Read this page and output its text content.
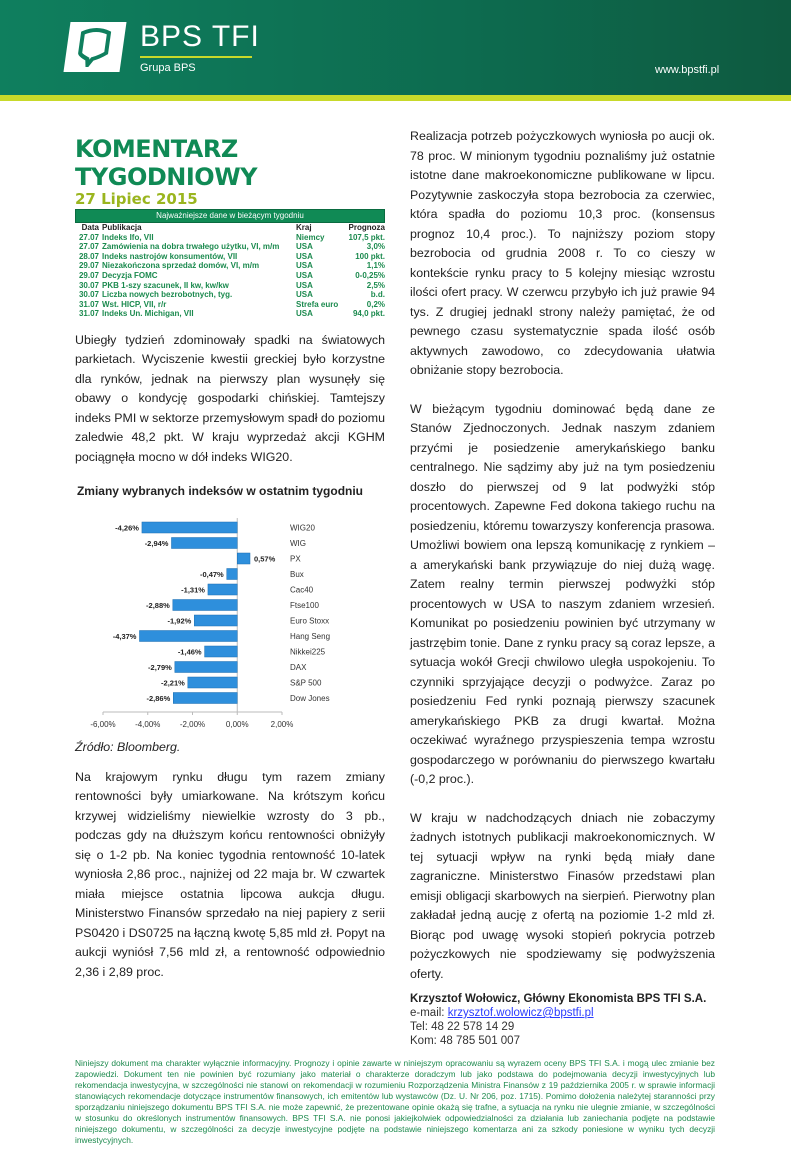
BPS TFI
Grupa BPS	www.bpstfi.pl
KOMENTARZ TYGODNIOWY
27 Lipiec 2015
Najważniejsze dane w bieżącym tygodniu
Data Publikacja	Kraj	Prognoza
27.07 Indeks Ifo, VII	Niemcy	107,5 pkt.
27.07 Zamówienia na dobra trwałego użytku, VI, m/m	USA	3,0%
28.07 Indeks nastrojów konsumentów, VII	USA	100 pkt.
29.07 Niezakończona sprzedaż domów, VI, m/m	USA	1,1%
29.07 Decyzja FOMC	USA	0-0,25%
30.07 PKB 1-szy szacunek, II kw, kw/kw	USA	2,5%
30.07 Liczba nowych bezrobotnych, tyg.	USA	b.d.
31.07 Wst. HICP, VII, r/r	Strefa euro	0,2%
31.07 Indeks Un. Michigan, VII	USA	94,0 pkt.
Ubiegły tydzień zdominowały spadki na światowych parkietach. Wyciszenie kwestii greckiej było korzystne dla rynków, jednak na pierwszy plan wysunęły się obawy o kondycję gospodarki chińskiej. Tamtejszy indeks PMI w sektorze przemysłowym spadł do poziomu zaledwie 48,2 pkt. W kraju wyprzedaż akcji KGHM pociągnęła mocno w dół indeks WIG20.
-6,00% -4,00% -2,00%	0,00%	2,00%
-4,26%	WIG20
-2,94%	WIG
0,57% PX
-0,47%	Bux
-1,31%	Cac40
-2,88%	Ftse100
-1,92%	Euro Stoxx
-4,37%	Hang Seng
-1,46%	Nikkei225
-2,79%	DAX
-2,21%	S&P 500
-2,86%	Dow Jones
Zmiany wybranych indeksów w ostatnim tygodniu
Źródło: Bloomberg.
Na krajowym rynku długu tym razem zmiany rentowności były umiarkowane. Na krótszym końcu krzywej widzieliśmy niewielkie wzrosty do 3 pb., podczas gdy na dłuższym końcu rentowności obniżyły się o 1-2 pb. Na koniec tygodnia rentowność 10-latek wyniosła 2,86 proc., najniżej od 22 maja br. W czwartek miała miejsce ostatnia lipcowa aukcja długu. Ministerstwo Finansów sprzedało na niej papiery z serii PS0420 i DS0725 na łączną kwotę 5,85 mld zł. Popyt na aukcji wyniósł 7,56 mld zł, a rentowność odpowiednio 2,36 i 2,89 proc.
Realizacja potrzeb pożyczkowych wyniosła po aucji ok. 78 proc. W minionym tygodniu poznaliśmy już ostatnie istotne dane makroekonomiczne publikowane w lipcu. Pozytywnie zaskoczyła stopa bezrobocia za czerwiec, która spadła do poziomu 10,3 proc. (konsensus prognoz 10,4 proc.). To najniższy poziom stopy bezrobocia od grudnia 2008 r. To co cieszy w kontekście rynku pracy to 5 kolejny miesiąc wzrostu ilości ofert pracy. W czerwcu przybyło ich już prawie 94 tys. Z drugiej jednakl strony należy pamiętać, że od pewnego czasu systematycznie spada ilość osób aktywnych zawodowo, co zdecydowania ułatwia obniżanie stopy bezrobocia.
W bieżącym tygodniu dominować będą dane ze Stanów Zjednoczonych. Jednak naszym zdaniem przyćmi je posiedzenie amerykańskiego banku centralnego. Nie sądzimy aby już na tym posiedzeniu doszło do pierwszej od 9 lat podwyżki stóp procentowych. Zapewne Fed dokona takiego ruchu na posiedzeniu, któremu towarzyszy konferencja prasowa. Umożliwi bowiem ona lepszą komunikację z rynkiem – a amerykański bank przywiązuje do niej dużą wagę. Zatem realny termin pierwszej podwyżki stóp procentowych w USA to naszym zdaniem wrzesień. Komunikat po posiedzeniu powinien być utrzymany w jastrzębim tonie. Dane z rynku pracy są coraz lepsze, a sytuacja wokół Grecji chwilowo uległa uspokojeniu. To czynniki sprzyjające decyzji o podwyżce. Zaraz po posiedzeniu Fed rynki poznają pierwszy szacunek amerykańskiego PKB za drugi kwartał. Można oczekiwać wyraźnego przyspieszenia tempa wzrostu gospodarczego w porównaniu do pierwszego kwartału (-0,2 proc.).
W kraju w nadchodzących dniach nie zobaczymy żadnych istotnych publikacji makroekonomicznych. W tej sytuacji wpływ na rynki będą miały dane zagraniczne. Ministerstwo Finasów przedstawi plan emisji obligacji skarbowych na sierpień. Pierwotny plan zakładał jedną aucję z ofertą na poziomie 1-2 mld zł. Biorąc pod uwagę wysoki stopień pokrycia potrzeb pożyczkowych nie spodziewamy się podwyższenia oferty.
Krzysztof Wołowicz, Główny Ekonomista BPS TFI S.A.
e-mail: krzysztof.wolowicz@bpstfi.pl
Tel: 48 22 578 14 29
Kom: 48 785 501 007
Niniejszy dokument ma charakter wyłącznie informacyjny. Prognozy i opinie zawarte w niniejszym opracowaniu są wyrazem oceny BPS TFI S.A. i mogą ulec zmianie bez zapowiedzi. Dokument ten nie powinien być rozumiany jako materiał o charakterze doradczym lub jako podstawa do podejmowania decyzji inwestycyjnych lub rekomendacja inwestycyjna, w szczególności nie stanowi on rekomendacji w rozumieniu Rozporządzenia Ministra Finansów z 19 października 2005 r. w sprawie informacji stanowiących rekomendacje dotyczące instrumentów finansowych, ich emitentów lub wystawców (Dz. U. Nr 206, poz. 1715). Pomimo dołożenia należytej staranności przy sporządzaniu niniejszego dokumentu BPS TFI S.A. nie może zapewnić, że prezentowane opinie okażą się trafne, a sytuacja na rynku nie ulegnie zmianie, w szczególności w stosunku do określonych instrumentów finansowych. BPS TFI S.A. nie ponosi jakiejkolwiek odpowiedzialności za działania lub zaniechania podjęte na podstawie niniejszego dokumentu, w szczególności za decyzje inwestycyjne podjęte na podstawie niniejszego komentarza ani za szkody poniesione w wyniku tych decyzji inwestycyjnych.
